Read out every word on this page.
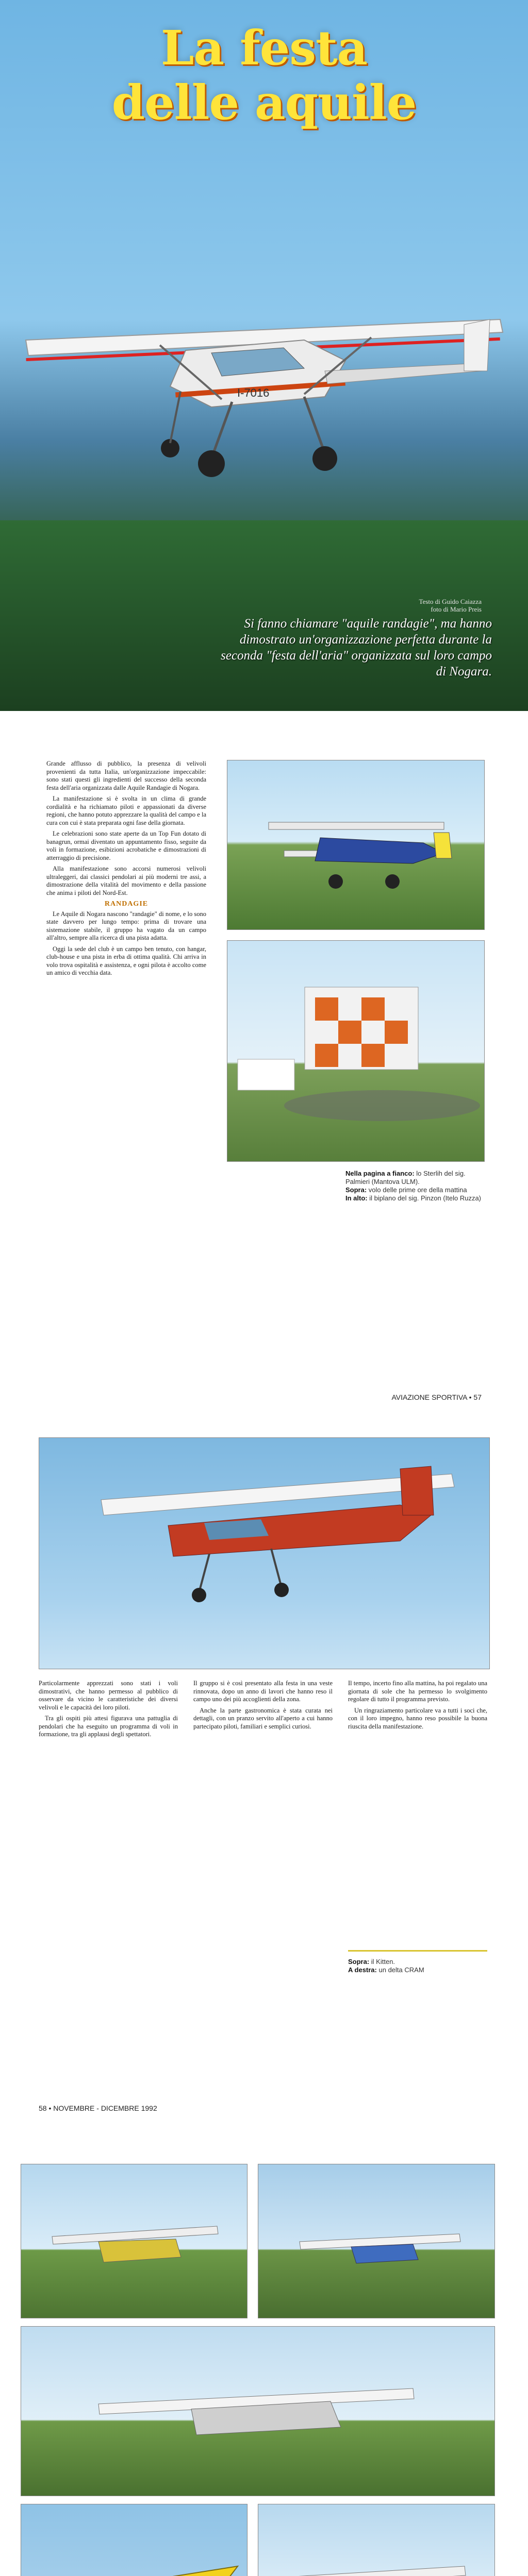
La festa
delle aquile
I-7016
Testo di Guido Caiazza
foto di Mario Preis
Si fanno chiamare "aquile randagie", ma hanno dimostrato un'organizzazione perfetta durante la seconda "festa dell'aria" organizzata sul loro campo di Nogara.

Grande afflusso di pubblico, la presenza di velivoli provenienti da tutta Italia, un'organizzazione impeccabile: sono stati questi gli ingredienti del successo della seconda festa dell'aria organizzata dalle Aquile Randagie di Nogara.

La manifestazione si è svolta in un clima di grande cordialità e ha richiamato piloti e appassionati da diverse regioni, che hanno potuto apprezzare la qualità del campo e la cura con cui è stata preparata ogni fase della giornata.

Le celebrazioni sono state aperte da un Top Fun dotato di banagrun, ormai diventato un appuntamento fisso, seguite da voli in formazione, esibizioni acrobatiche e dimostrazioni di atterraggio di precisione.

Alla manifestazione sono accorsi numerosi velivoli ultraleggeri, dai classici pendolari ai più moderni tre assi, a dimostrazione della vitalità del movimento e della passione che anima i piloti del Nord-Est.

RANDAGIE

Le Aquile di Nogara nascono "randagie" di nome, e lo sono state davvero per lungo tempo: prima di trovare una sistemazione stabile, il gruppo ha vagato da un campo all'altro, sempre alla ricerca di una pista adatta.

Oggi la sede del club è un campo ben tenuto, con hangar, club-house e una pista in erba di ottima qualità. Chi arriva in volo trova ospitalità e assistenza, e ogni pilota è accolto come un amico di vecchia data.

Nella pagina a fianco: lo Sterlih del sig. Palmieri (Mantova ULM).
Sopra: volo delle prime ore della mattina
In alto: il biplano del sig. Pinzon (Itelo Ruzza)
AVIAZIONE SPORTIVA • 57

Particolarmente apprezzati sono stati i voli dimostrativi, che hanno permesso al pubblico di osservare da vicino le caratteristiche dei diversi velivoli e le capacità dei loro piloti.

Tra gli ospiti più attesi figurava una pattuglia di pendolari che ha eseguito un programma di voli in formazione, tra gli applausi degli spettatori.

Il gruppo si è così presentato alla festa in una veste rinnovata, dopo un anno di lavori che hanno reso il campo uno dei più accoglienti della zona.

Anche la parte gastronomica è stata curata nei dettagli, con un pranzo servito all'aperto a cui hanno partecipato piloti, familiari e semplici curiosi.

Il tempo, incerto fino alla mattina, ha poi regalato una giornata di sole che ha permesso lo svolgimento regolare di tutto il programma previsto.

Un ringraziamento particolare va a tutti i soci che, con il loro impegno, hanno reso possibile la buona riuscita della manifestazione.

Sopra: il Kitten.
A destra: un delta CRAM
58 • NOVEMBRE - DICEMBRE 1992
